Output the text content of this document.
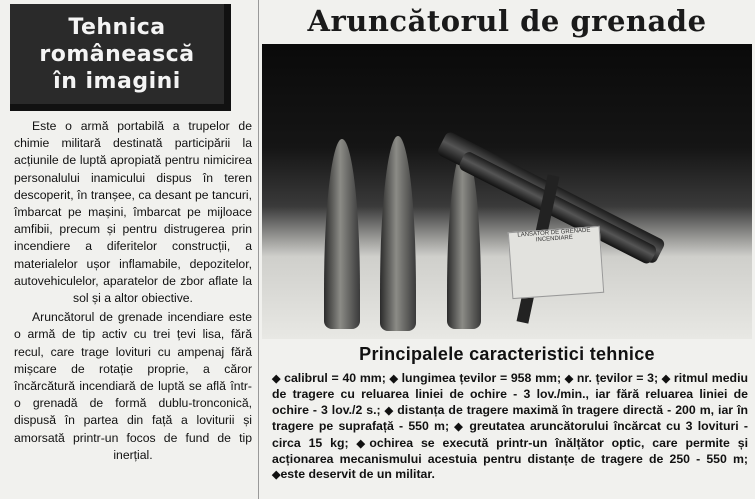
Tehnica
românească
în imagini

Este o armă portabilă a trupelor de chimie militară destinată participării la acțiunile de luptă apropiată pentru nimicirea personalului inamicului dispus în teren descoperit, în tranșee, ca desant pe tancuri, îmbarcat pe mașini, îmbarcat pe mijloace amfibii, precum și pentru distrugerea prin incendiere a diferitelor construcții, a materialelor ușor inflamabile, depozitelor, autovehiculelor, aparatelor de zbor aflate la sol și a altor obiective.

Aruncătorul de grenade incendiare este o armă de tip activ cu trei țevi lisa, fără recul, care trage lovituri cu ampenaj fără mișcare de rotație proprie, a căror încărcătură incendiară de luptă se află într-o grenadă de formă dublu-tronconică, dispusă în partea din față a loviturii și amorsată printr-un focos de fund de tip inerțial.

Aruncătorul de grenade
LANSATOR DE GRENADE INCENDIARE
Principalele caracteristici tehnice
◆ calibrul = 40 mm; ◆ lungimea țevilor = 958 mm; ◆ nr. țevilor = 3; ◆ ritmul mediu de tragere cu reluarea liniei de ochire - 3 lov./min., iar fără reluarea liniei de ochire - 3 lov./2 s.; ◆ distanța de tragere maximă în tragere directă - 200 m, iar în tragere pe suprafață - 550 m; ◆ greutatea aruncătorului încărcat cu 3 lovituri - circa 15 kg; ◆ochirea se execută printr-un înălțător optic, care permite și acționarea mecanismului acestuia pentru distanțe de tragere de 250 - 550 m; ◆este deservit de un militar.
